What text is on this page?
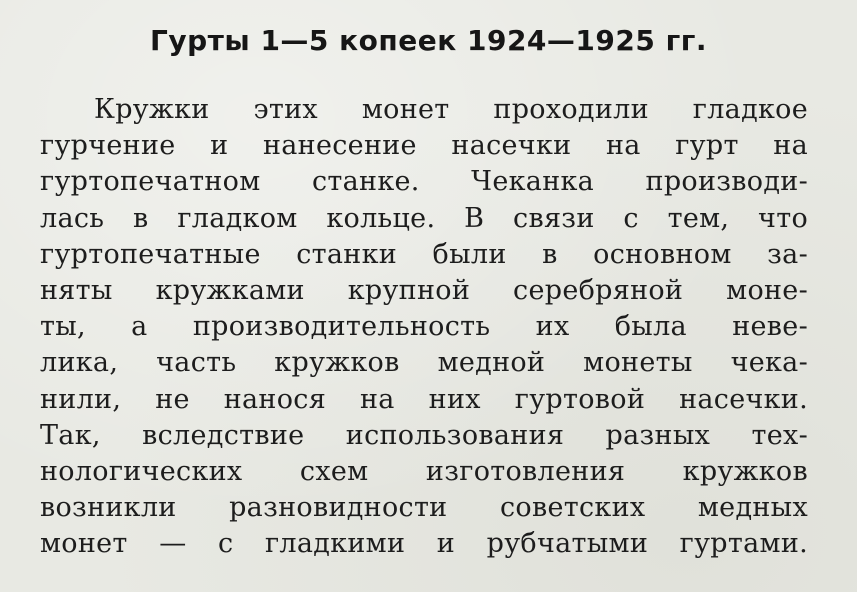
Гурты 1—5 копеек 1924—1925 гг.
Кружки этих монет проходили гладкое
гурчение и нанесение насечки на гурт на
гуртопечатном станке. Чеканка производи-
лась в гладком кольце. В связи с тем, что
гуртопечатные станки были в основном за-
няты кружками крупной серебряной моне-
ты, а производительность их была неве-
лика, часть кружков медной монеты чека-
нили, не нанося на них гуртовой насечки.
Так, вследствие использования разных тех-
нологических схем изготовления кружков
возникли разновидности советских медных
монет — с гладкими и рубчатыми гуртами.
